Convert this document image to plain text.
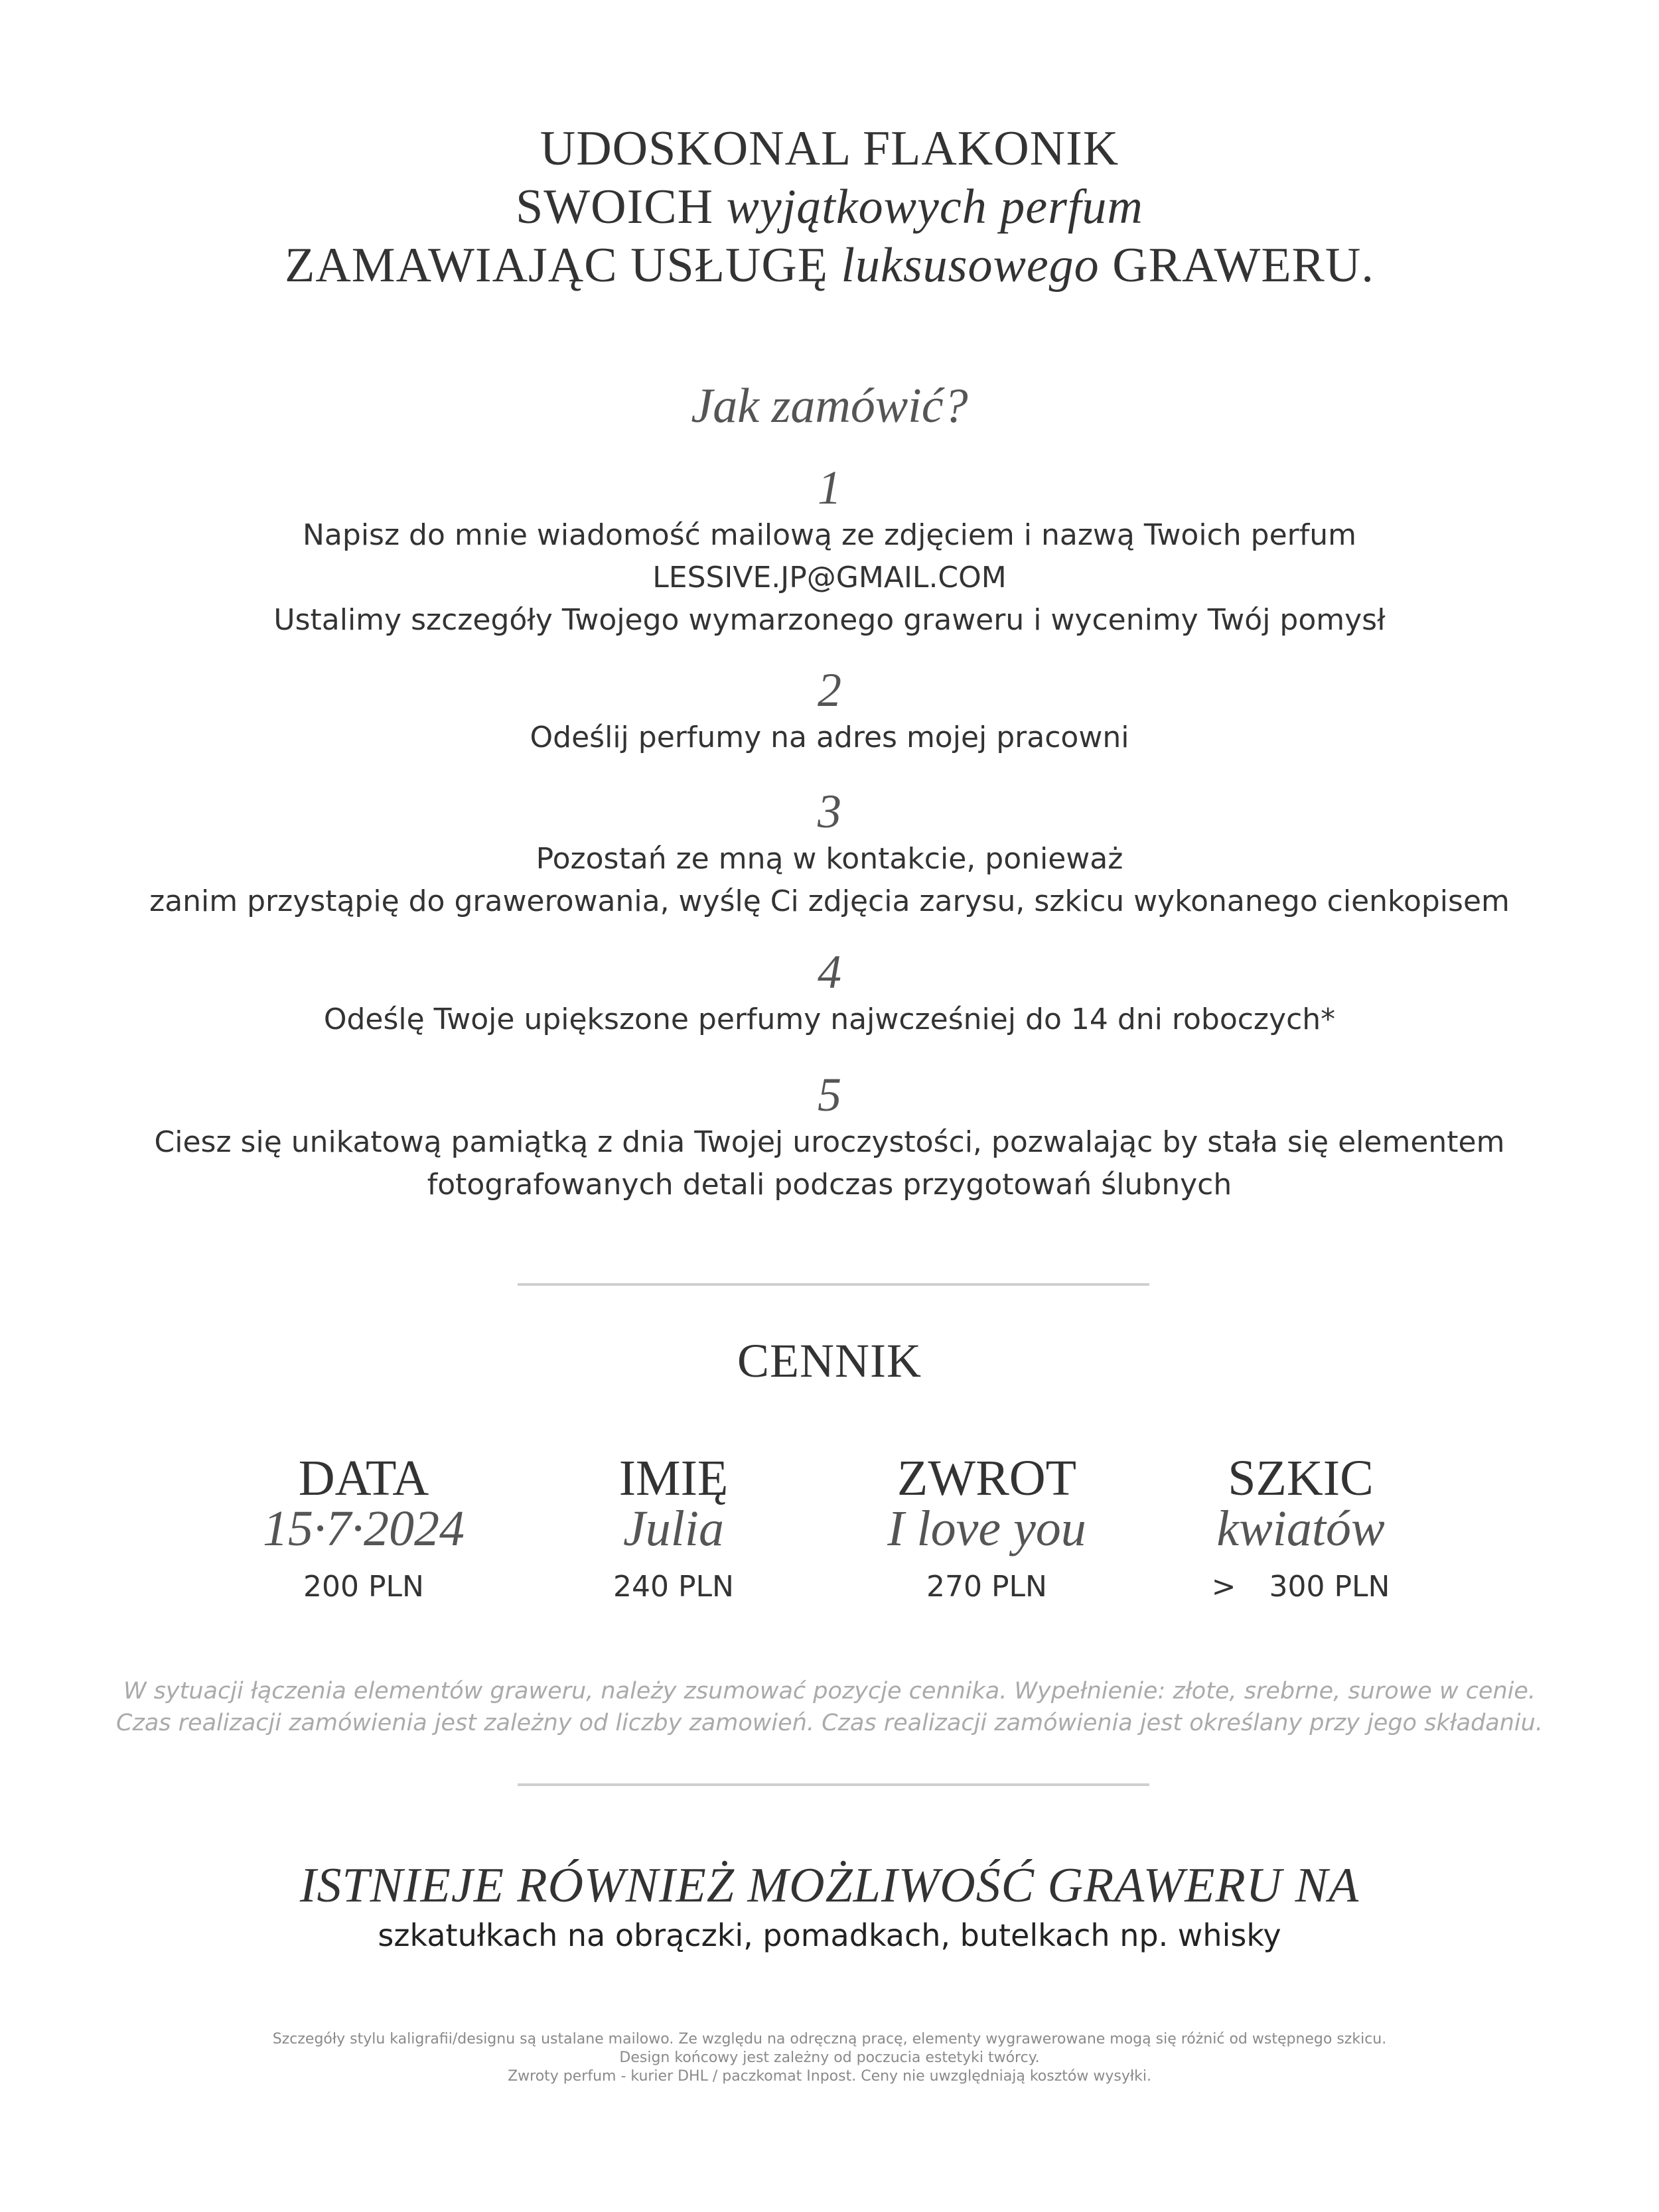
UDOSKONAL FLAKONIK
SWOICH wyjątkowych perfum
ZAMAWIAJĄC USŁUGĘ luksusowego GRAWERU.
Jak zamówić?
1
Napisz do mnie wiadomość mailową ze zdjęciem i nazwą Twoich perfum
LESSIVE.JP@GMAIL.COM
Ustalimy szczegóły Twojego wymarzonego graweru i wycenimy Twój pomysł
2
Odeślij perfumy na adres mojej pracowni
3
Pozostań ze mną w kontakcie, ponieważ
zanim przystąpię do grawerowania, wyślę Ci zdjęcia zarysu, szkicu wykonanego cienkopisem
4
Odeślę Twoje upiększone perfumy najwcześniej do 14 dni roboczych*
5
Ciesz się unikatową pamiątką z dnia Twojej uroczystości, pozwalając by stała się elementem
fotografowanych detali podczas przygotowań ślubnych
CENNIK
DATA
15·7·2024
200 PLN
IMIĘ
Julia
240 PLN
ZWROT
I love you
270 PLN
SZKIC
kwiatów
> 300 PLN
W sytuacji łączenia elementów graweru, należy zsumować pozycje cennika. Wypełnienie: złote, srebrne, surowe w cenie.
Czas realizacji zamówienia jest zależny od liczby zamowień. Czas realizacji zamówienia jest określany przy jego składaniu.
ISTNIEJE RÓWNIEŻ MOŻLIWOŚĆ GRAWERU NA
szkatułkach na obrączki, pomadkach, butelkach np. whisky
Szczegóły stylu kaligrafii/designu są ustalane mailowo. Ze względu na odręczną pracę, elementy wygrawerowane mogą się różnić od wstępnego szkicu.
Design końcowy jest zależny od poczucia estetyki twórcy.
Zwroty perfum - kurier DHL / paczkomat Inpost. Ceny nie uwzględniają kosztów wysyłki.
